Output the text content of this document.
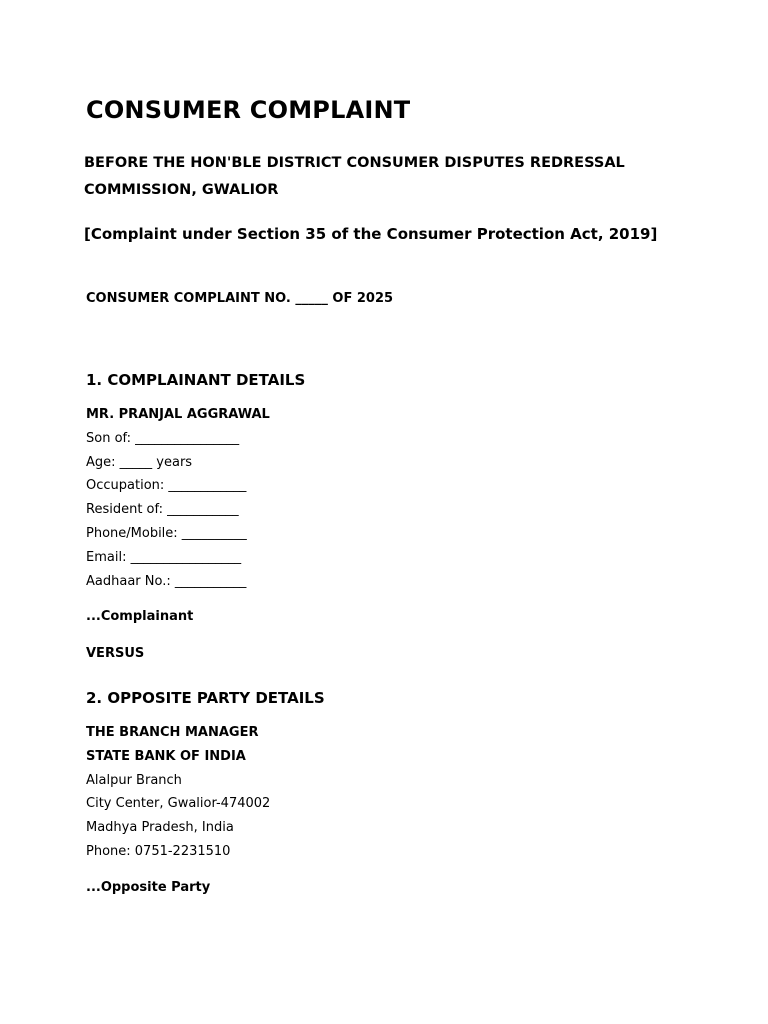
CONSUMER COMPLAINT
BEFORE THE HON'BLE DISTRICT CONSUMER DISPUTES REDRESSAL COMMISSION, GWALIOR
[Complaint under Section 35 of the Consumer Protection Act, 2019]
CONSUMER COMPLAINT NO. _____ OF 2025
1. COMPLAINANT DETAILS
MR. PRANJAL AGGRAWAL
Son of: ________________
Age: _____ years
Occupation: ____________
Resident of: ___________
Phone/Mobile: __________
Email: _________________
Aadhaar No.: ___________
...Complainant
VERSUS
2. OPPOSITE PARTY DETAILS
THE BRANCH MANAGER
STATE BANK OF INDIA
Alalpur Branch
City Center, Gwalior-474002
Madhya Pradesh, India
Phone: 0751-2231510
...Opposite Party
